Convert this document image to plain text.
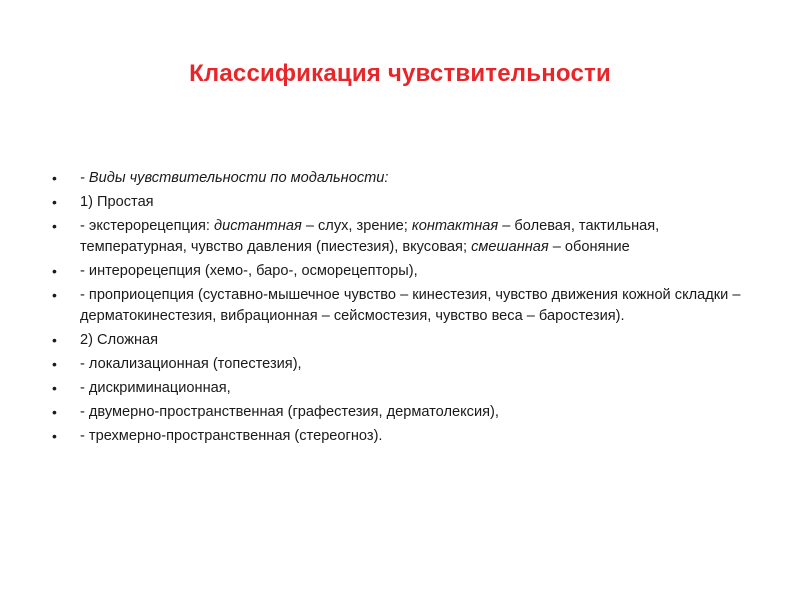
Классификация чувствительности
•	- Виды чувствительности по модальности:
•	1) Простая
•	- экстерорецепция: дистантная – слух, зрение; контактная – болевая, тактильная, температурная, чувство давления (пиестезия), вкусовая; смешанная – обоняние
•	- интерорецепция (хемо-, баро-, осморецепторы),
•	- проприоцепция (суставно-мышечное чувство – кинестезия, чувство движения кожной складки – дерматокинестезия, вибрационная – сейсмостезия, чувство веса – баростезия).
•	2) Сложная
•	- локализационная (топестезия),
•	- дискриминационная,
•	- двумерно-пространственная (графестезия, дерматолексия),
•	- трехмерно-пространственная (стереогноз).
